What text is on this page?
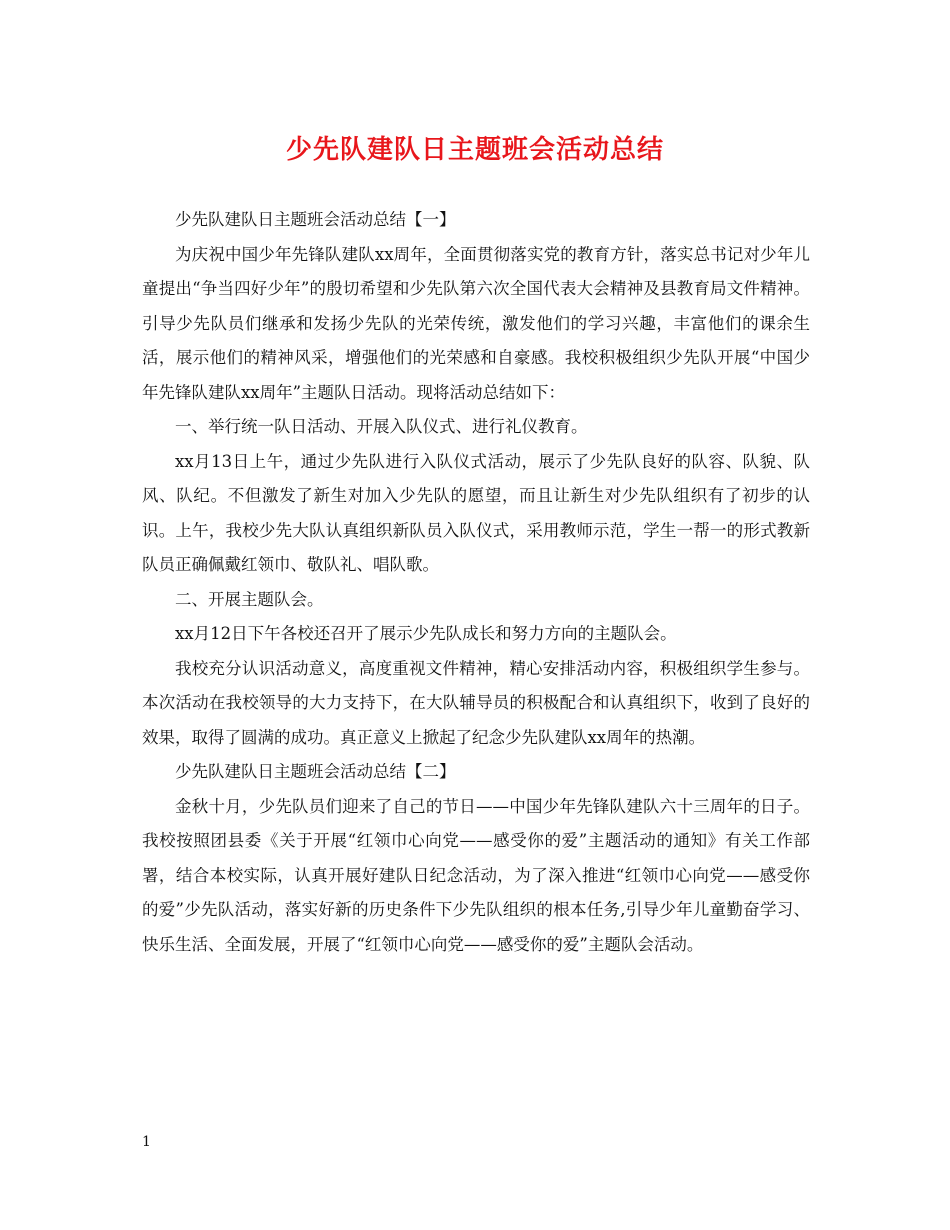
少先队建队日主题班会活动总结

少先队建队日主题班会活动总结【一】

为庆祝中国少年先锋队建队xx周年，全面贯彻落实党的教育方针，落实总书记对少年儿童提出“争当四好少年”的殷切希望和少先队第六次全国代表大会精神及县教育局文件精神。引导少先队员们继承和发扬少先队的光荣传统，激发他们的学习兴趣，丰富他们的课余生活，展示他们的精神风采，增强他们的光荣感和自豪感。我校积极组织少先队开展“中国少年先锋队建队xx周年”主题队日活动。现将活动总结如下：

一、举行统一队日活动、开展入队仪式、进行礼仪教育。

xx月13日上午，通过少先队进行入队仪式活动，展示了少先队良好的队容、队貌、队风、队纪。不但激发了新生对加入少先队的愿望，而且让新生对少先队组织有了初步的认识。上午，我校少先大队认真组织新队员入队仪式，采用教师示范，学生一帮一的形式教新队员正确佩戴红领巾、敬队礼、唱队歌。

二、开展主题队会。

xx月12日下午各校还召开了展示少先队成长和努力方向的主题队会。

我校充分认识活动意义，高度重视文件精神，精心安排活动内容，积极组织学生参与。本次活动在我校领导的大力支持下，在大队辅导员的积极配合和认真组织下，收到了良好的效果，取得了圆满的成功。真正意义上掀起了纪念少先队建队xx周年的热潮。

少先队建队日主题班会活动总结【二】

金秋十月，少先队员们迎来了自己的节日——中国少年先锋队建队六十三周年的日子。我校按照团县委《关于开展“红领巾心向党——感受你的爱”主题活动的通知》有关工作部署，结合本校实际，认真开展好建队日纪念活动，为了深入推进“红领巾心向党——感受你的爱”少先队活动，落实好新的历史条件下少先队组织的根本任务,引导少年儿童勤奋学习、快乐生活、全面发展，开展了“红领巾心向党——感受你的爱”主题队会活动。

1
